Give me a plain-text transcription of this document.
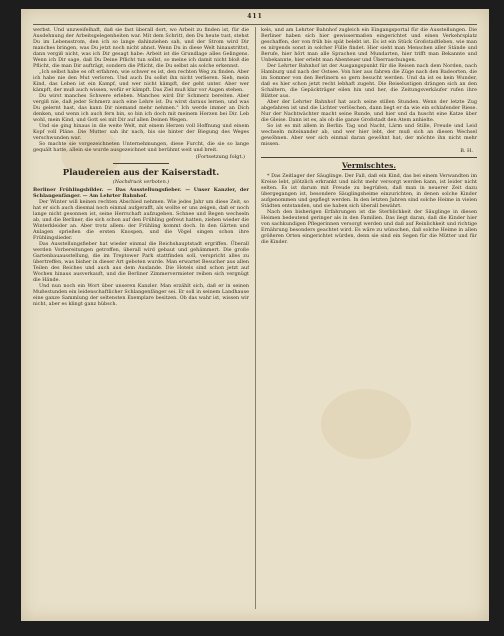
411

werbst. Und unzweifelhaft, daß sie fast überall dort, wo Arbeit zu finden ist, für die Ausdehnung der Arbeitsgelegenheiten war. Mit dem Schritt, den Du heute tust, stehst Du im Lebensstrom, den ich so lange dahinziehen sah, und der Strom wird Dir manches bringen, was Du jetzt noch nicht ahnst. Wenn Du in diese Welt hinaustrittst, dann vergiß nicht, was ich Dir gesagt habe: Arbeit ist die Grundlage alles Gelingens. Wenn ich Dir sage, daß Du Deine Pflicht tun sollst, so meine ich damit nicht bloß die Pflicht, die man Dir aufträgt, sondern die Pflicht, die Du selbst als solche erkennst.

„Ich selbst habe es oft erfahren, wie schwer es ist, den rechten Weg zu finden. Aber ich habe nie den Mut verloren. Und auch Du sollst ihn nicht verlieren. Sieh, mein Kind, das Leben ist ein Kampf, und wer nicht kämpft, der geht unter. Aber wer kämpft, der muß auch wissen, wofür er kämpft. Das Ziel muß klar vor Augen stehen.

Du wirst manches Schwere erleben. Manches wird Dir Schmerz bereiten. Aber vergiß nie, daß jeder Schmerz auch eine Lehre ist. Du wirst daraus lernen, und was Du gelernt hast, das kann Dir niemand mehr nehmen." Ich werde immer an Dich denken, und wenn ich auch fern bin, so bin ich doch mit meinem Herzen bei Dir. Leb wohl, mein Kind, und Gott sei mit Dir auf allen Deinen Wegen.

Und sie ging hinaus in die weite Welt, mit einem Herzen voll Hoffnung und einem Kopf voll Pläne. Die Mutter sah ihr nach, bis sie hinter der Biegung des Weges verschwunden war.

So machte sie vorgezeichneten Unternehmungen, diese Furcht, die sie so lange gequält hatte, allein sie wurde ausgezeichnet und berühmt weit und breit.

(Fortsetzung folgt.)
Plaudereien aus der Kaiserstadt.
(Nachdruck verboten.)

Berliner Frühlingsbilder. — Das Ausstellungsfieber. — Unser Kanzler, der Schlangenfänger. — Am Lehrter Bahnhof.

Der Winter will keinen rechten Abschied nehmen. Wie jedes Jahr um diese Zeit, so hat er sich auch diesmal noch einmal aufgerafft, als wollte er uns zeigen, daß er noch lange nicht gesonnen ist, seine Herrschaft aufzugeben. Schnee und Regen wechseln ab, und die Berliner, die sich schon auf den Frühling gefreut hatten, ziehen wieder die Winterkleider an. Aber trotz allem: der Frühling kommt doch. In den Gärten und Anlagen sprießen die ersten Knospen, und die Vögel singen schon ihre Frühlingslieder.

Das Ausstellungsfieber hat wieder einmal die Reichshauptstadt ergriffen. Überall werden Vorbereitungen getroffen, überall wird gebaut und gehämmert. Die große Gartenbauausstellung, die im Treptower Park stattfinden soll, verspricht alles zu übertreffen, was bisher in dieser Art geboten wurde. Man erwartet Besucher aus allen Teilen des Reiches und auch aus dem Auslande. Die Hotels sind schon jetzt auf Wochen hinaus ausverkauft, und die Berliner Zimmervermieter reiben sich vergnügt die Hände.

Und nun noch ein Wort über unseren Kanzler. Man erzählt sich, daß er in seinen Mußestunden ein leidenschaftlicher Schlangenfänger sei. Er soll in seinem Landhause eine ganze Sammlung der seltensten Exemplare besitzen. Ob das wahr ist, wissen wir nicht, aber es klingt ganz hübsch.

kels, und am Lehrter Bahnhof zugleich ein Eingangsportal für die Ausstellungen. Die Berliner haben sich hier gewissermaßen eingerichtet und einen Verkehrsplatz geschaffen, der von früh bis spät belebt ist. Es ist ein Stück Großstadtleben, wie man es nirgends sonst in solcher Fülle findet. Hier sieht man Menschen aller Stände und Berufe, hier hört man alle Sprachen und Mundarten, hier trifft man Bekannte und Unbekannte, hier erlebt man Abenteuer und Überraschungen.

Der Lehrter Bahnhof ist der Ausgangspunkt für die Reisen nach dem Norden, nach Hamburg und nach der Ostsee. Von hier aus fahren die Züge nach den Badeorten, die im Sommer von den Berlinern so gern besucht werden. Und da ist es kein Wunder, daß es hier schon jetzt recht lebhaft zugeht. Die Reiselustigen drängen sich an den Schaltern, die Gepäckträger eilen hin und her, die Zeitungsverkäufer rufen ihre Blätter aus.

Aber der Lehrter Bahnhof hat auch seine stillen Stunden. Wenn der letzte Zug abgefahren ist und die Lichter verlöschen, dann liegt er da wie ein schlafender Riese. Nur der Nachtwächter macht seine Runde, und hier und da huscht eine Katze über die Gleise. Dann ist es, als ob die ganze Großstadt den Atem anhielte.

So ist es mit allem in Berlin: Tag und Nacht, Lärm und Stille, Freude und Leid wechseln miteinander ab, und wer hier lebt, der muß sich an diesen Wechsel gewöhnen. Aber wer sich einmal daran gewöhnt hat, der möchte ihn nicht mehr missen.

B. H.
Vermischtes.

* Das Zeitlager der Säuglinge. Der Fall, daß ein Kind, das bei einem Verwandten im Kreise lebt, plötzlich erkrankt und nicht mehr versorgt werden kann, ist leider nicht selten. Es ist darum mit Freude zu begrüßen, daß man in neuerer Zeit dazu übergegangen ist, besondere Säuglingsheime einzurichten, in denen solche Kinder aufgenommen und gepflegt werden. In den letzten Jahren sind solche Heime in vielen Städten entstanden, und sie haben sich überall bewährt.

Nach den bisherigen Erfahrungen ist die Sterblichkeit der Säuglinge in diesen Heimen bedeutend geringer als in den Familien. Das liegt daran, daß die Kinder hier von sachkundigen Pflegerinnen versorgt werden und daß auf Reinlichkeit und richtige Ernährung besonders geachtet wird. Es wäre zu wünschen, daß solche Heime in allen größeren Orten eingerichtet würden, denn sie sind ein Segen für die Mütter und für die Kinder.
